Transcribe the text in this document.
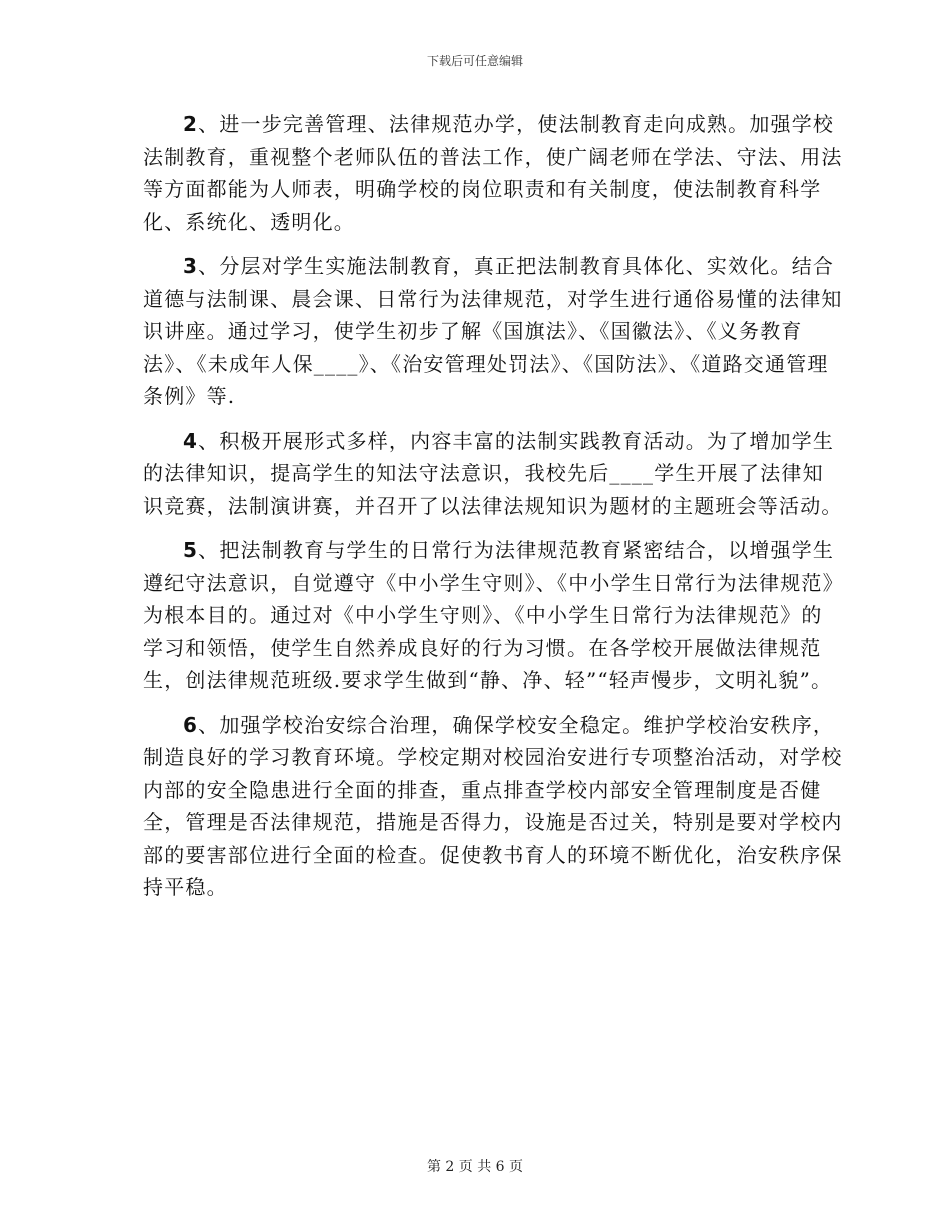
下载后可任意编辑

2、进一步完善管理、法律规范办学，使法制教育走向成熟。加强学校法制教育，重视整个老师队伍的普法工作，使广阔老师在学法、守法、用法等方面都能为人师表，明确学校的岗位职责和有关制度，使法制教育科学化、系统化、透明化。

3、分层对学生实施法制教育，真正把法制教育具体化、实效化。结合道德与法制课、晨会课、日常行为法律规范，对学生进行通俗易懂的法律知识讲座。通过学习，使学生初步了解《国旗法》、《国徽法》、《义务教育法》、《未成年人保____》、《治安管理处罚法》、《国防法》、《道路交通管理条例》等.

4、积极开展形式多样，内容丰富的法制实践教育活动。为了增加学生的法律知识，提高学生的知法守法意识，我校先后____学生开展了法律知识竞赛，法制演讲赛，并召开了以法律法规知识为题材的主题班会等活动。

5、把法制教育与学生的日常行为法律规范教育紧密结合，以增强学生遵纪守法意识，自觉遵守《中小学生守则》、《中小学生日常行为法律规范》为根本目的。通过对《中小学生守则》、《中小学生日常行为法律规范》的学习和领悟，使学生自然养成良好的行为习惯。在各学校开展做法律规范生，创法律规范班级.要求学生做到“静、净、轻”“轻声慢步，文明礼貌”。

6、加强学校治安综合治理，确保学校安全稳定。维护学校治安秩序，制造良好的学习教育环境。学校定期对校园治安进行专项整治活动，对学校内部的安全隐患进行全面的排查，重点排查学校内部安全管理制度是否健全，管理是否法律规范，措施是否得力，设施是否过关，特别是要对学校内部的要害部位进行全面的检查。促使教书育人的环境不断优化，治安秩序保持平稳。

第 2 页 共 6 页
